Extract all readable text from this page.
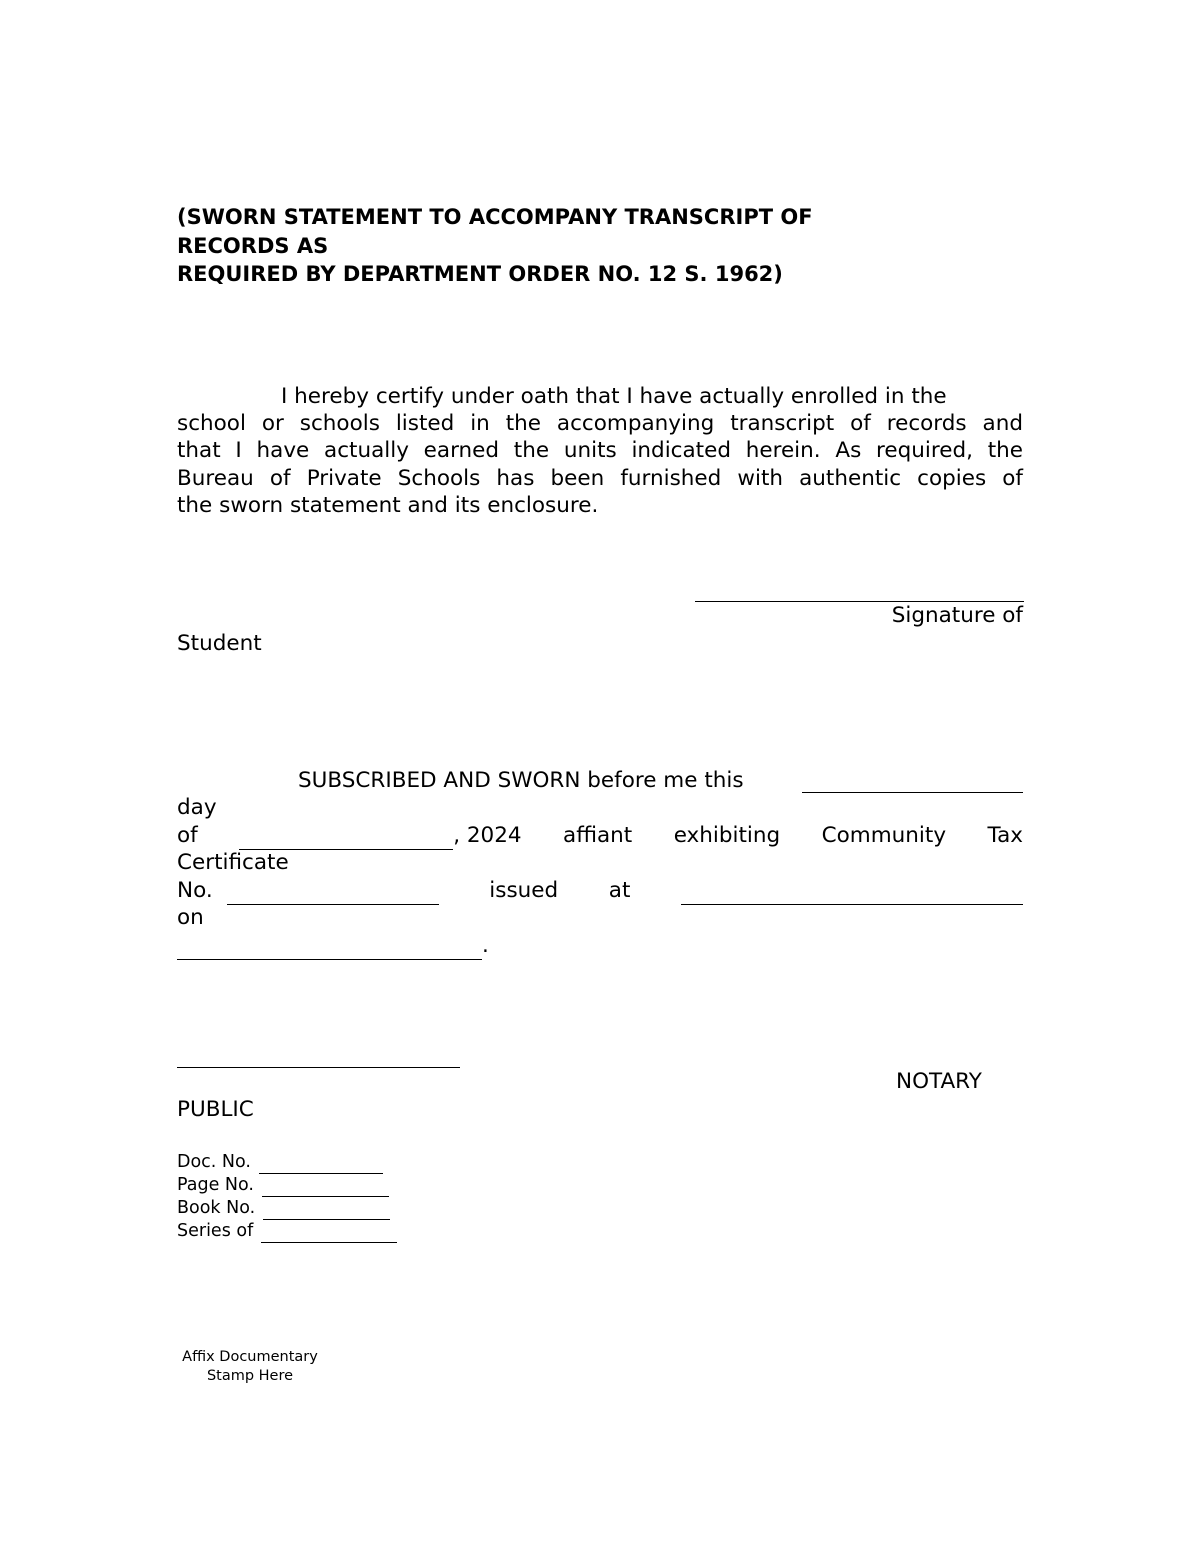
(SWORN STATEMENT TO ACCOMPANY TRANSCRIPT OF
RECORDS AS
REQUIRED BY DEPARTMENT ORDER NO. 12 S. 1962)
I hereby certify under oath that I have actually enrolled in the
school or schools listed in the accompanying transcript of records and
that I have actually earned the units indicated herein. As required, the
Bureau of Private Schools has been furnished with authentic copies of
the sworn statement and its enclosure.
Signature of
Student
SUBSCRIBED AND SWORN before me this
day
of	, 2024 affiant exhibiting Community Tax
Certificate
No.	issued at
on
.
NOTARY
PUBLIC
Doc. No.
Page No.
Book No.
Series of
Affix Documentary
Stamp Here
